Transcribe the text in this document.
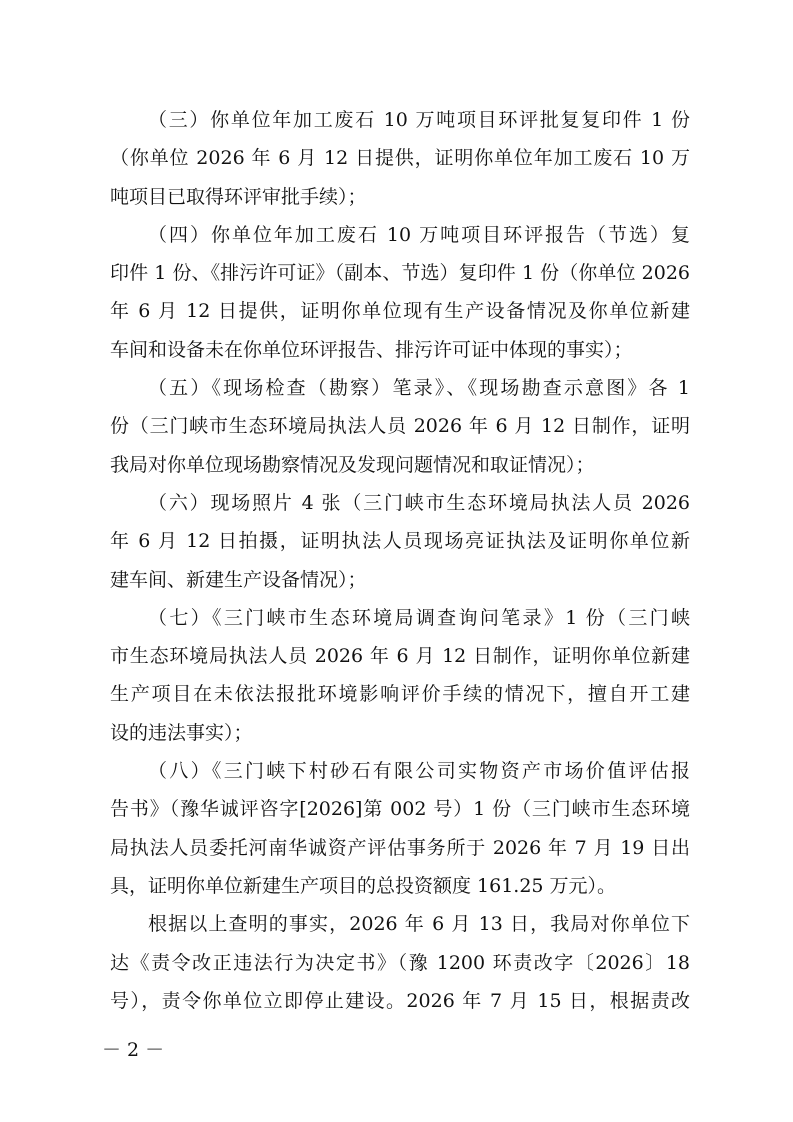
（三）你单位年加工废石 10 万吨项目环评批复复印件 1 份
（你单位 2026 年 6 月 12 日提供，证明你单位年加工废石 10 万
吨项目已取得环评审批手续）；
（四）你单位年加工废石 10 万吨项目环评报告（节选）复
印件 1 份、《排污许可证》（副本、节选）复印件 1 份（你单位 2026
年 6 月 12 日提供，证明你单位现有生产设备情况及你单位新建
车间和设备未在你单位环评报告、排污许可证中体现的事实）；
（五）《现场检查（勘察）笔录》、《现场勘查示意图》各 1
份（三门峡市生态环境局执法人员 2026 年 6 月 12 日制作，证明
我局对你单位现场勘察情况及发现问题情况和取证情况）；
（六）现场照片 4 张（三门峡市生态环境局执法人员 2026
年 6 月 12 日拍摄，证明执法人员现场亮证执法及证明你单位新
建车间、新建生产设备情况）；
（七）《三门峡市生态环境局调查询问笔录》1 份（三门峡
市生态环境局执法人员 2026 年 6 月 12 日制作，证明你单位新建
生产项目在未依法报批环境影响评价手续的情况下，擅自开工建
设的违法事实）；
（八）《三门峡下村砂石有限公司实物资产市场价值评估报
告书》（豫华诚评咨字[2026]第 002 号）1 份（三门峡市生态环境
局执法人员委托河南华诚资产评估事务所于 2026 年 7 月 19 日出
具，证明你单位新建生产项目的总投资额度 161.25 万元）。
根据以上查明的事实，2026 年 6 月 13 日，我局对你单位下
达《责令改正违法行为决定书》（豫 1200 环责改字〔2026〕18
号），责令你单位立即停止建设。2026 年 7 月 15 日，根据责改
－ 2 －
